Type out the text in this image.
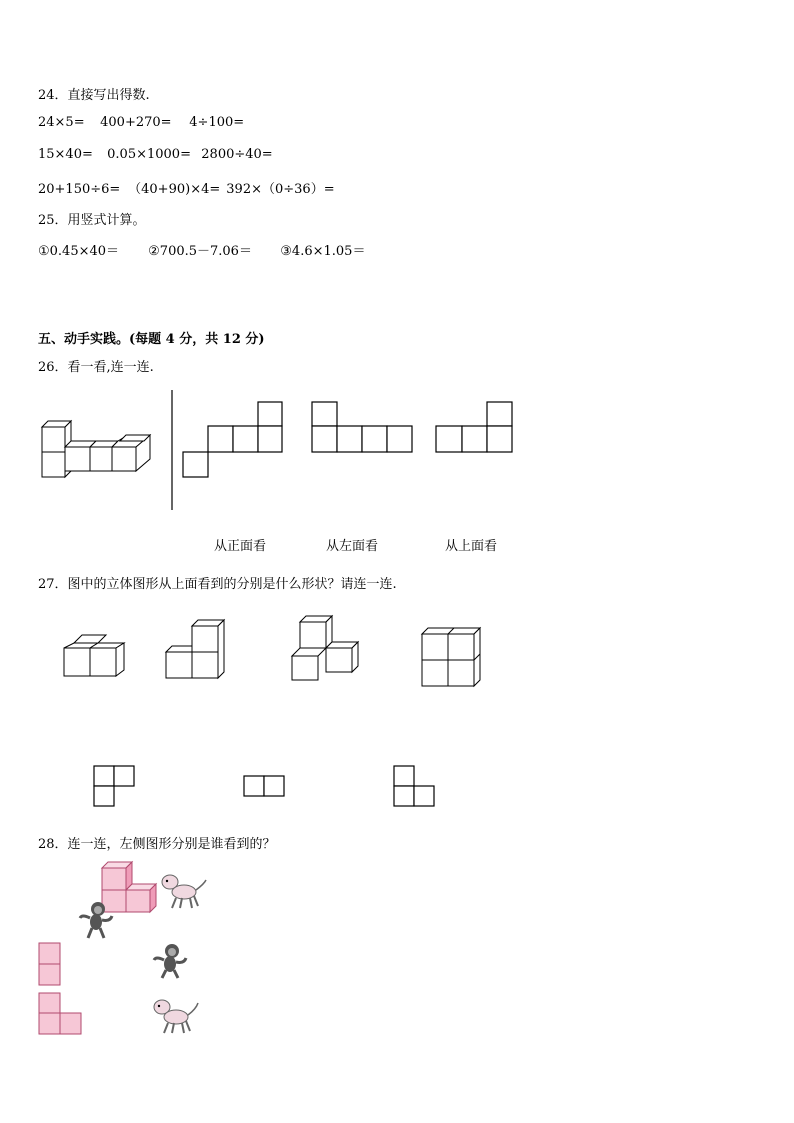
24．直接写出得数.
24×5= 400+270= 4÷100=
15×40= 0.05×1000= 2800÷40=
20+150÷6= （40+90)×4= 392×（0÷36）=
25．用竖式计算。
①0.45×40＝ ②700.5－7.06＝ ③4.6×1.05＝
五、动手实践。(每题 4 分，共 12 分)
26．看一看,连一连.
从正面看	从左面看	从上面看
27．图中的立体图形从上面看到的分别是什么形状？请连一连.
28．连一连，左侧图形分别是谁看到的？
